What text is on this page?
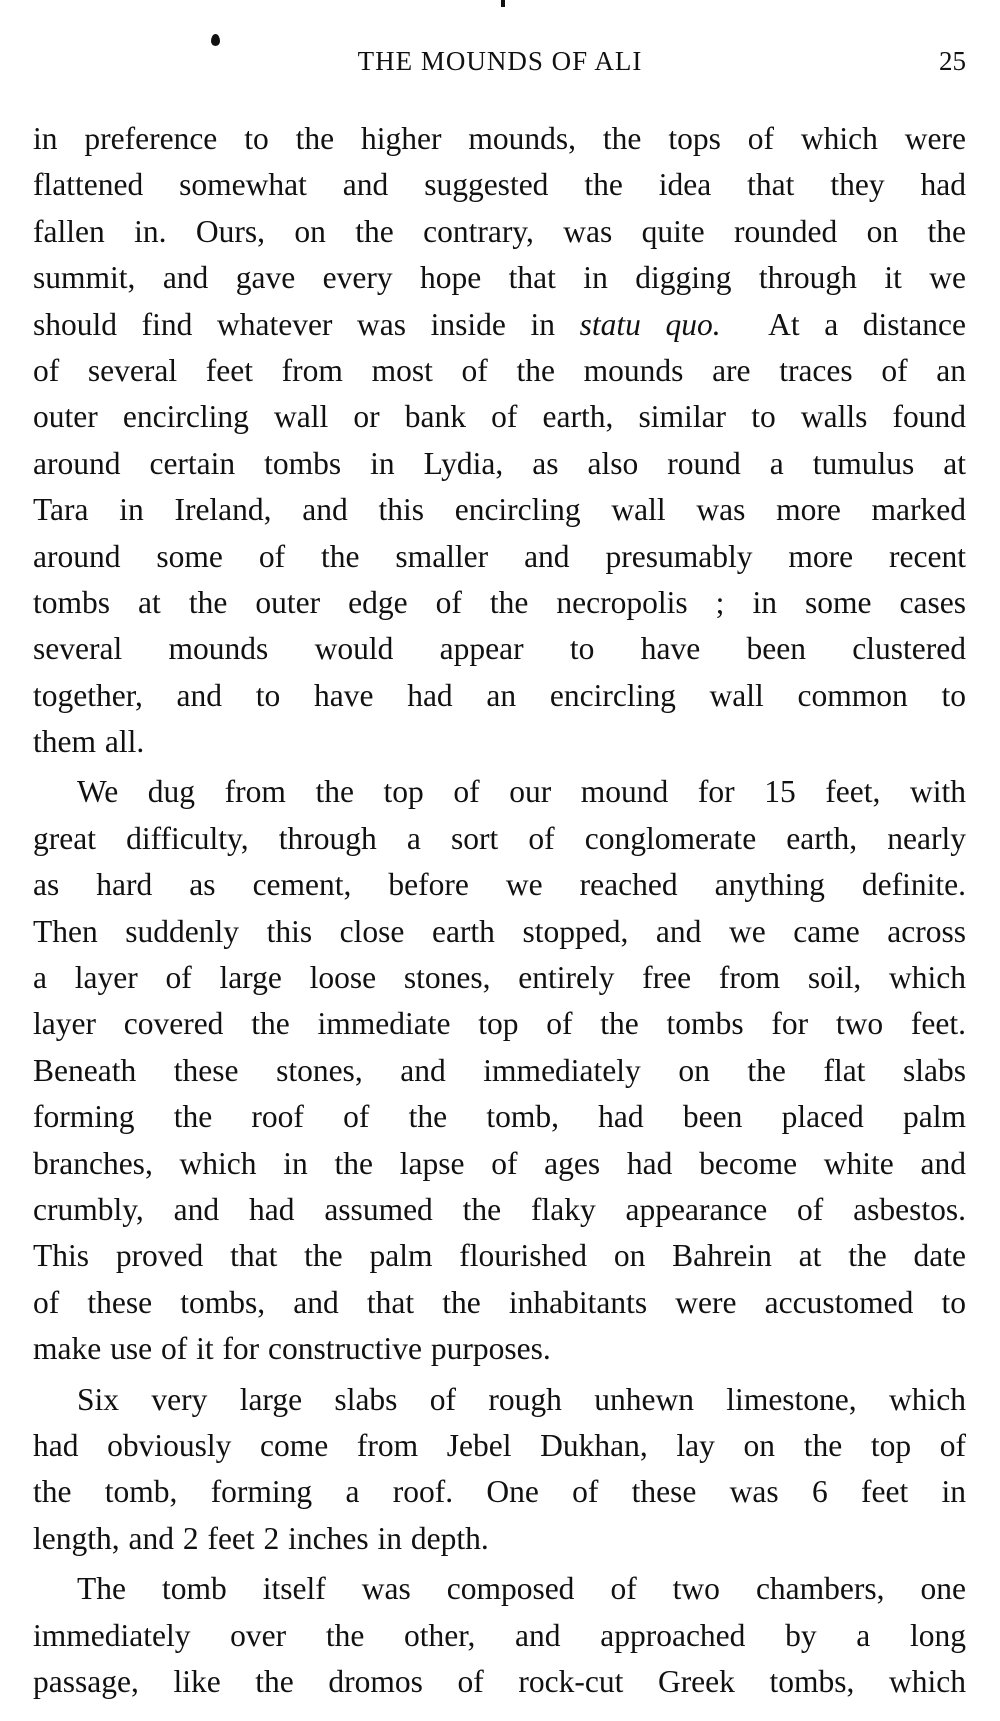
THE MOUNDS OF ALI	25
in preference to the higher mounds, the tops of which were
flattened somewhat and suggested the idea that they had
fallen in. Ours, on the contrary, was quite rounded on the
summit, and gave every hope that in digging through it we
should find whatever was inside in statu quo.  At a distance
of several feet from most of the mounds are traces of an
outer encircling wall or bank of earth, similar to walls found
around certain tombs in Lydia, as also round a tumulus at
Tara in Ireland, and this encircling wall was more marked
around some of the smaller and presumably more recent
tombs at the outer edge of the necropolis ; in some cases
several mounds would appear to have been clustered
together, and to have had an encircling wall common to
them all.
We dug from the top of our mound for 15 feet, with
great difficulty, through a sort of conglomerate earth, nearly
as hard as cement, before we reached anything definite.
Then suddenly this close earth stopped, and we came across
a layer of large loose stones, entirely free from soil, which
layer covered the immediate top of the tombs for two feet.
Beneath these stones, and immediately on the flat slabs
forming the roof of the tomb, had been placed palm
branches, which in the lapse of ages had become white and
crumbly, and had assumed the flaky appearance of asbestos.
This proved that the palm flourished on Bahrein at the date
of these tombs, and that the inhabitants were accustomed to
make use of it for constructive purposes.
Six very large slabs of rough unhewn limestone, which
had obviously come from Jebel Dukhan, lay on the top of
the tomb, forming a roof. One of these was 6 feet in
length, and 2 feet 2 inches in depth.
The tomb itself was composed of two chambers, one
immediately over the other, and approached by a long
passage, like the dromos of rock-cut Greek tombs, which
